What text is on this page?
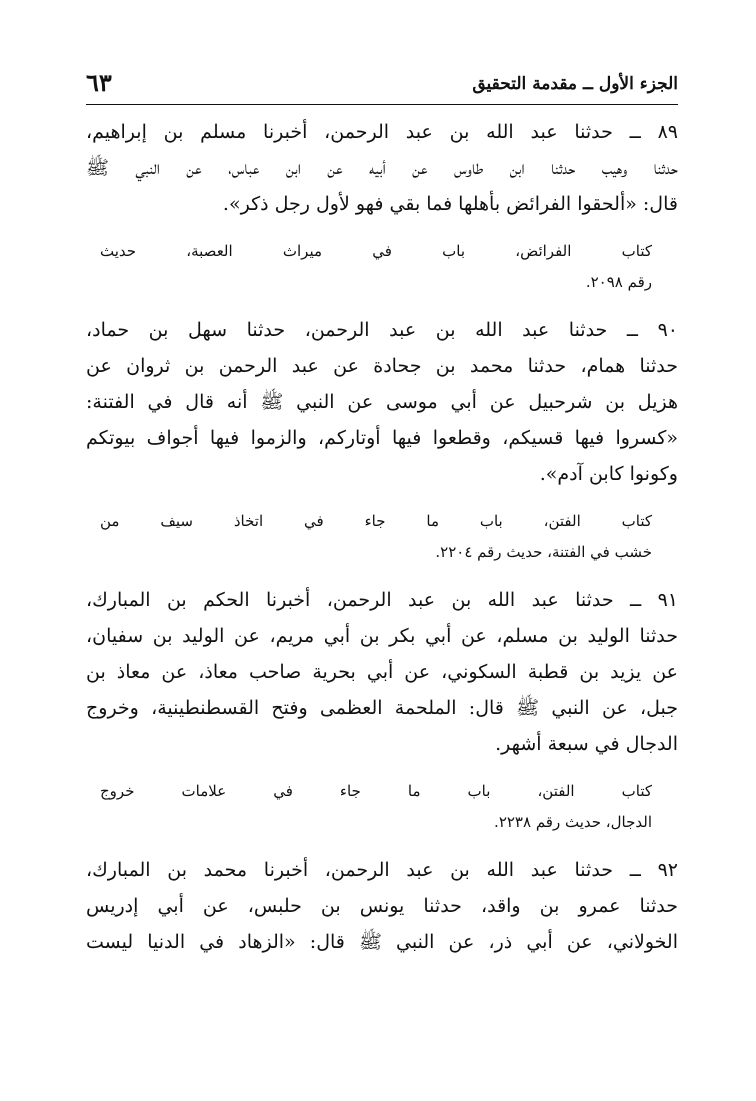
الجزء الأول ــ مقدمة التحقيق
٦٣

٨٩ ــ حدثنا عبد الله بن عبد الرحمن، أخبرنا مسلم بن إبراهيم،
حدثنا وهيب حدثنا ابن طاوس عن أبيه عن ابن عباس، عن النبي ﷺ
قال: «ألحقوا الفرائض بأهلها فما بقي فهو لأول رجل ذكر».

كتاب الفرائض، باب في ميراث العصبة، حديث
رقم ٢٠٩٨.

٩٠ ــ حدثنا عبد الله بن عبد الرحمن، حدثنا سهل بن حماد،
حدثنا همام، حدثنا محمد بن جحادة عن عبد الرحمن بن ثروان عن
هزيل بن شرحبيل عن أبي موسى عن النبي ﷺ أنه قال في الفتنة:
«كسروا فيها قسيكم، وقطعوا فيها أوتاركم، والزموا فيها أجواف بيوتكم
وكونوا كابن آدم».

كتاب الفتن، باب ما جاء في اتخاذ سيف من
خشب في الفتنة، حديث رقم ٢٢٠٤.

٩١ ــ حدثنا عبد الله بن عبد الرحمن، أخبرنا الحكم بن المبارك،
حدثنا الوليد بن مسلم، عن أبي بكر بن أبي مريم، عن الوليد بن سفيان،
عن يزيد بن قطبة السكوني، عن أبي بحرية صاحب معاذ، عن معاذ بن
جبل، عن النبي ﷺ قال: الملحمة العظمى وفتح القسطنطينية، وخروج
الدجال في سبعة أشهر.

كتاب الفتن، باب ما جاء في علامات خروج
الدجال، حديث رقم ٢٢٣٨.

٩٢ ــ حدثنا عبد الله بن عبد الرحمن، أخبرنا محمد بن المبارك،
حدثنا عمرو بن واقد، حدثنا يونس بن حلبس، عن أبي إدريس
الخولاني، عن أبي ذر، عن النبي ﷺ قال: «الزهاد في الدنيا ليست
